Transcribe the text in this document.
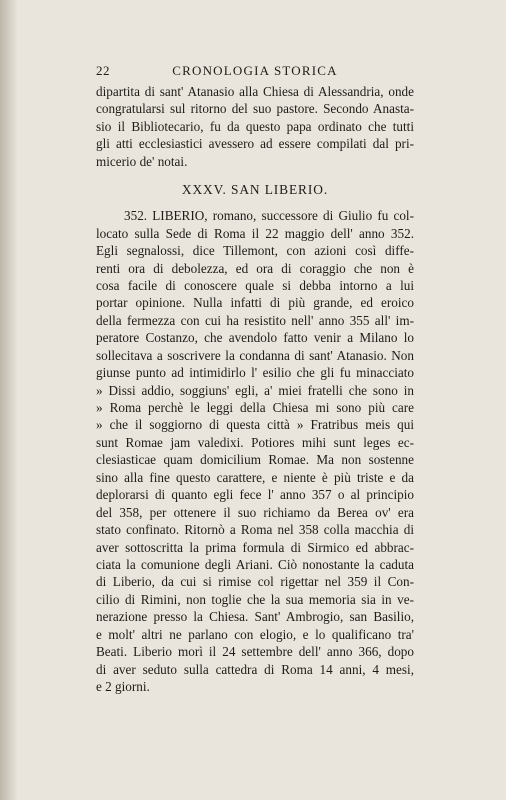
22	CRONOLOGIA STORICA
dipartita di sant' Atanasio alla Chiesa di Alessandria, onde
congratularsi sul ritorno del suo pastore. Secondo Anasta-
sio il Bibliotecario, fu da questo papa ordinato che tutti
gli atti ecclesiastici avessero ad essere compilati dal pri-
micerio de' notai.
XXXV. SAN LIBERIO.
352. LIBERIO, romano, successore di Giulio fu col-
locato sulla Sede di Roma il 22 maggio dell' anno 352.
Egli segnalossi, dice Tillemont, con azioni così diffe-
renti ora di debolezza, ed ora di coraggio che non è
cosa facile di conoscere quale si debba intorno a lui
portar opinione. Nulla infatti di più grande, ed eroico
della fermezza con cui ha resistito nell' anno 355 all' im-
peratore Costanzo, che avendolo fatto venir a Milano lo
sollecitava a soscrivere la condanna di sant' Atanasio. Non
giunse punto ad intimidirlo l' esilio che gli fu minacciato
» Dissi addio, soggiuns' egli, a' miei fratelli che sono in
» Roma perchè le leggi della Chiesa mi sono più care
» che il soggiorno di questa città » Fratribus meis qui
sunt Romae jam valedixi. Potiores mihi sunt leges ec-
clesiasticae quam domicilium Romae. Ma non sostenne
sino alla fine questo carattere, e niente è più triste e da
deplorarsi di quanto egli fece l' anno 357 o al principio
del 358, per ottenere il suo richiamo da Berea ov' era
stato confinato. Ritornò a Roma nel 358 colla macchia di
aver sottoscritta la prima formula di Sirmico ed abbrac-
ciata la comunione degli Ariani. Ciò nonostante la caduta
di Liberio, da cui si rimise col rigettar nel 359 il Con-
cilio di Rimini, non toglie che la sua memoria sia in ve-
nerazione presso la Chiesa. Sant' Ambrogio, san Basilio,
e molt' altri ne parlano con elogio, e lo qualificano tra'
Beati. Liberio morì il 24 settembre dell' anno 366, dopo
di aver seduto sulla cattedra di Roma 14 anni, 4 mesi,
e 2 giorni.
